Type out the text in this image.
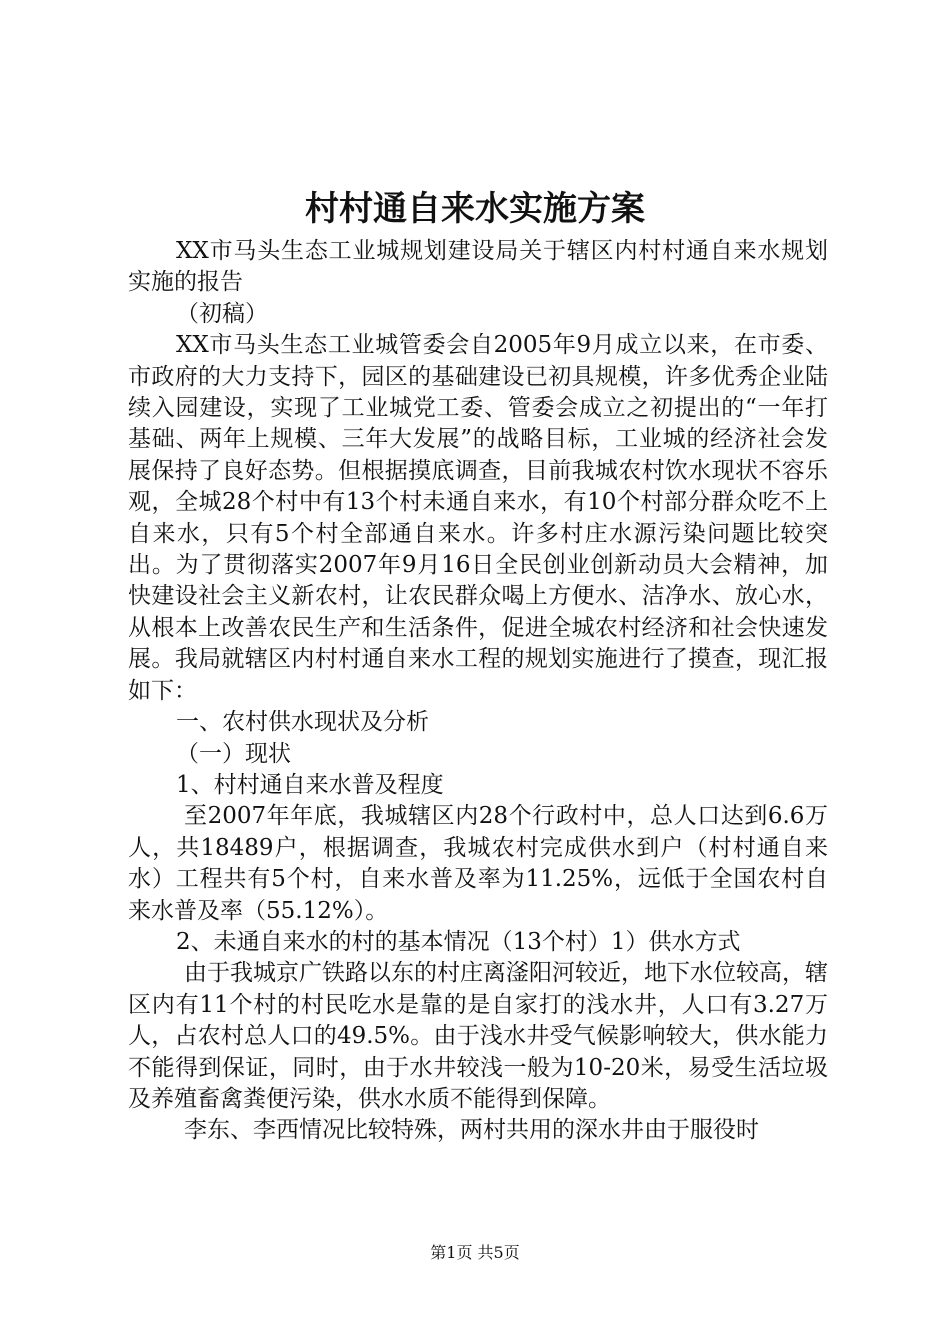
村村通自来水实施方案

XX市马头生态工业城规划建设局关于辖区内村村通自来水规划实施的报告

（初稿）

XX市马头生态工业城管委会自2005年9月成立以来，在市委、市政府的大力支持下，园区的基础建设已初具规模，许多优秀企业陆续入园建设，实现了工业城党工委、管委会成立之初提出的“一年打基础、两年上规模、三年大发展”的战略目标，工业城的经济社会发展保持了良好态势。但根据摸底调查，目前我城农村饮水现状不容乐观，全城28个村中有13个村未通自来水，有10个村部分群众吃不上自来水，只有5个村全部通自来水。许多村庄水源污染问题比较突出。为了贯彻落实2007年9月16日全民创业创新动员大会精神，加快建设社会主义新农村，让农民群众喝上方便水、洁净水、放心水，从根本上改善农民生产和生活条件，促进全城农村经济和社会快速发展。我局就辖区内村村通自来水工程的规划实施进行了摸查，现汇报如下：

一、农村供水现状及分析

（一）现状

1、村村通自来水普及程度

至2007年年底，我城辖区内28个行政村中，总人口达到6.6万人，共18489户，根据调查，我城农村完成供水到户（村村通自来水）工程共有5个村，自来水普及率为11.25%，远低于全国农村自来水普及率（55.12%）。

2、未通自来水的村的基本情况（13个村）1）供水方式

由于我城京广铁路以东的村庄离滏阳河较近，地下水位较高，辖区内有11个村的村民吃水是靠的是自家打的浅水井，人口有3.27万人，占农村总人口的49.5%。由于浅水井受气候影响较大，供水能力不能得到保证，同时，由于水井较浅一般为10-20米，易受生活垃圾及养殖畜禽粪便污染，供水水质不能得到保障。

李东、李西情况比较特殊，两村共用的深水井由于服役时

第1页 共5页
